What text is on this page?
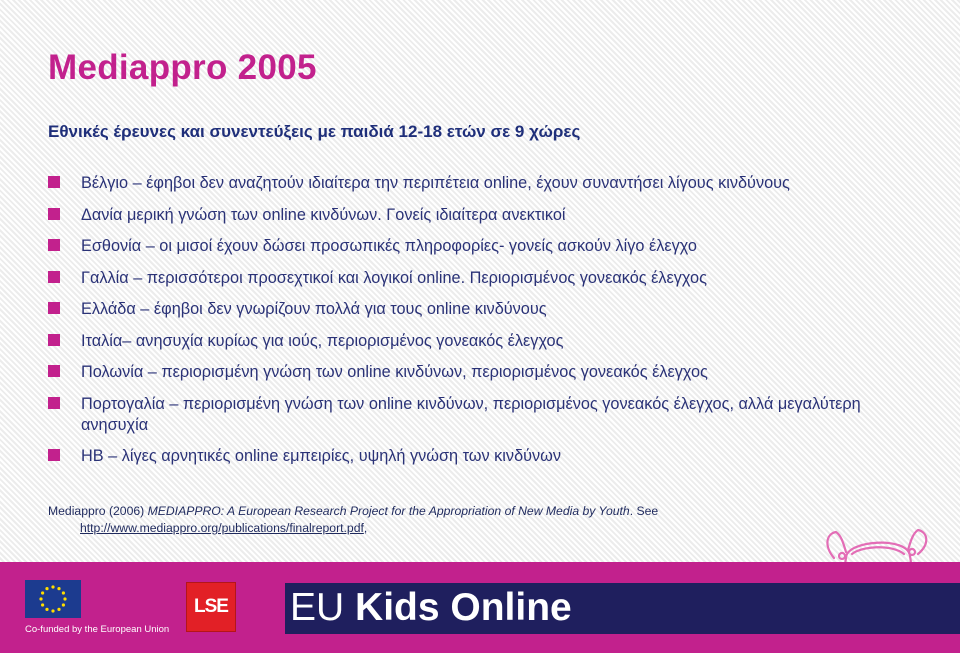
Mediappro 2005
Εθνικές έρευνες και συνεντεύξεις με παιδιά 12-18 ετών σε 9 χώρες
Βέλγιο – έφηβοι δεν αναζητούν ιδιαίτερα την περιπέτεια online, έχουν συναντήσει λίγους κινδύνους
Δανία μερική γνώση των online κινδύνων. Γονείς ιδιαίτερα ανεκτικοί
Εσθονία – οι μισοί έχουν δώσει προσωπικές πληροφορίες- γονείς ασκούν λίγο έλεγχο
Γαλλία – περισσότεροι προσεχτικοί και λογικοί online. Περιορισμένος γονεακός έλεγχος
Ελλάδα – έφηβοι δεν γνωρίζουν πολλά για τους online κινδύνους
Ιταλία– ανησυχία κυρίως για ιούς, περιορισμένος γονεακός έλεγχος
Πολωνία – περιορισμένη γνώση των online κινδύνων, περιορισμένος γονεακός έλεγχος
Πορτογαλία – περιορισμένη γνώση των online κινδύνων, περιορισμένος γονεακός έλεγχος, αλλά μεγαλύτερη ανησυχία
ΗΒ – λίγες αρνητικές online εμπειρίες, υψηλή γνώση των κινδύνων
Mediappro (2006) MEDIAPPRO: A European Research Project for the Appropriation of New Media by Youth. See
http://www.mediappro.org/publications/finalreport.pdf,
Co-funded by the European Union
LSE EU Kids Online
